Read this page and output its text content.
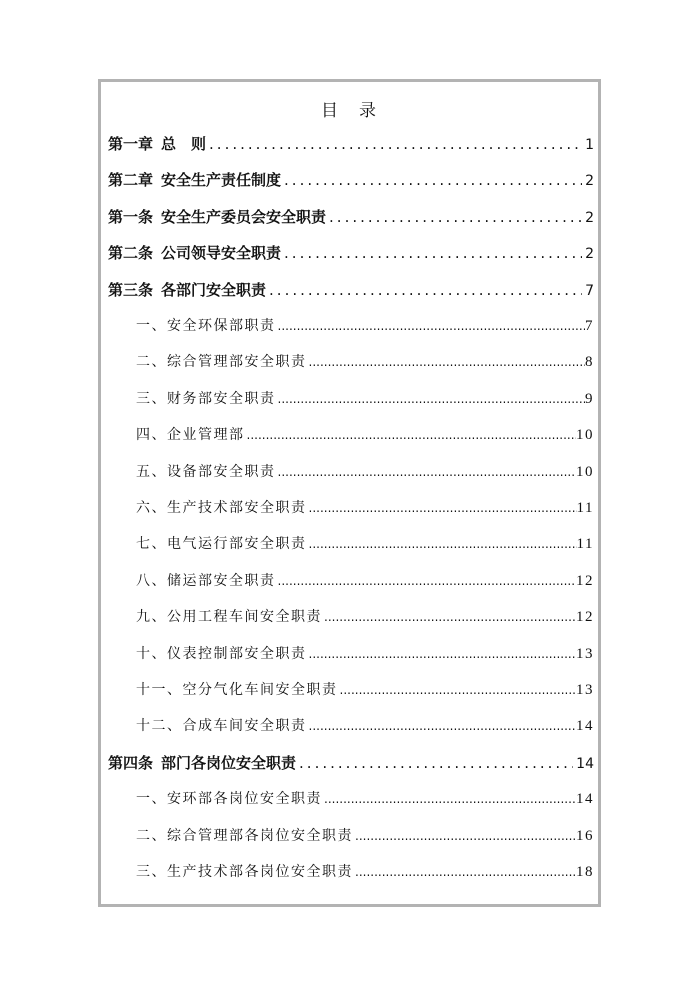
目　录
第一章 总　则 .....	1
第二章 安全生产责任制度 .....	2
第一条 安全生产委员会安全职责 .....	2
第二条 公司领导安全职责 .....	2
第三条 各部门安全职责 .....	7
一、安全环保部职责 .....	7
二、综合管理部安全职责 .....	8
三、财务部安全职责 .....	9
四、企业管理部 .....	10
五、设备部安全职责 .....	10
六、生产技术部安全职责 .....	11
七、电气运行部安全职责 .....	11
八、储运部安全职责 .....	12
九、公用工程车间安全职责 .....	12
十、仪表控制部安全职责 .....	13
十一、空分气化车间安全职责 .....	13
十二、合成车间安全职责 .....	14
第四条 部门各岗位安全职责 .....	14
一、安环部各岗位安全职责 .....	14
二、综合管理部各岗位安全职责 .....	16
三、生产技术部各岗位安全职责 .....	18
